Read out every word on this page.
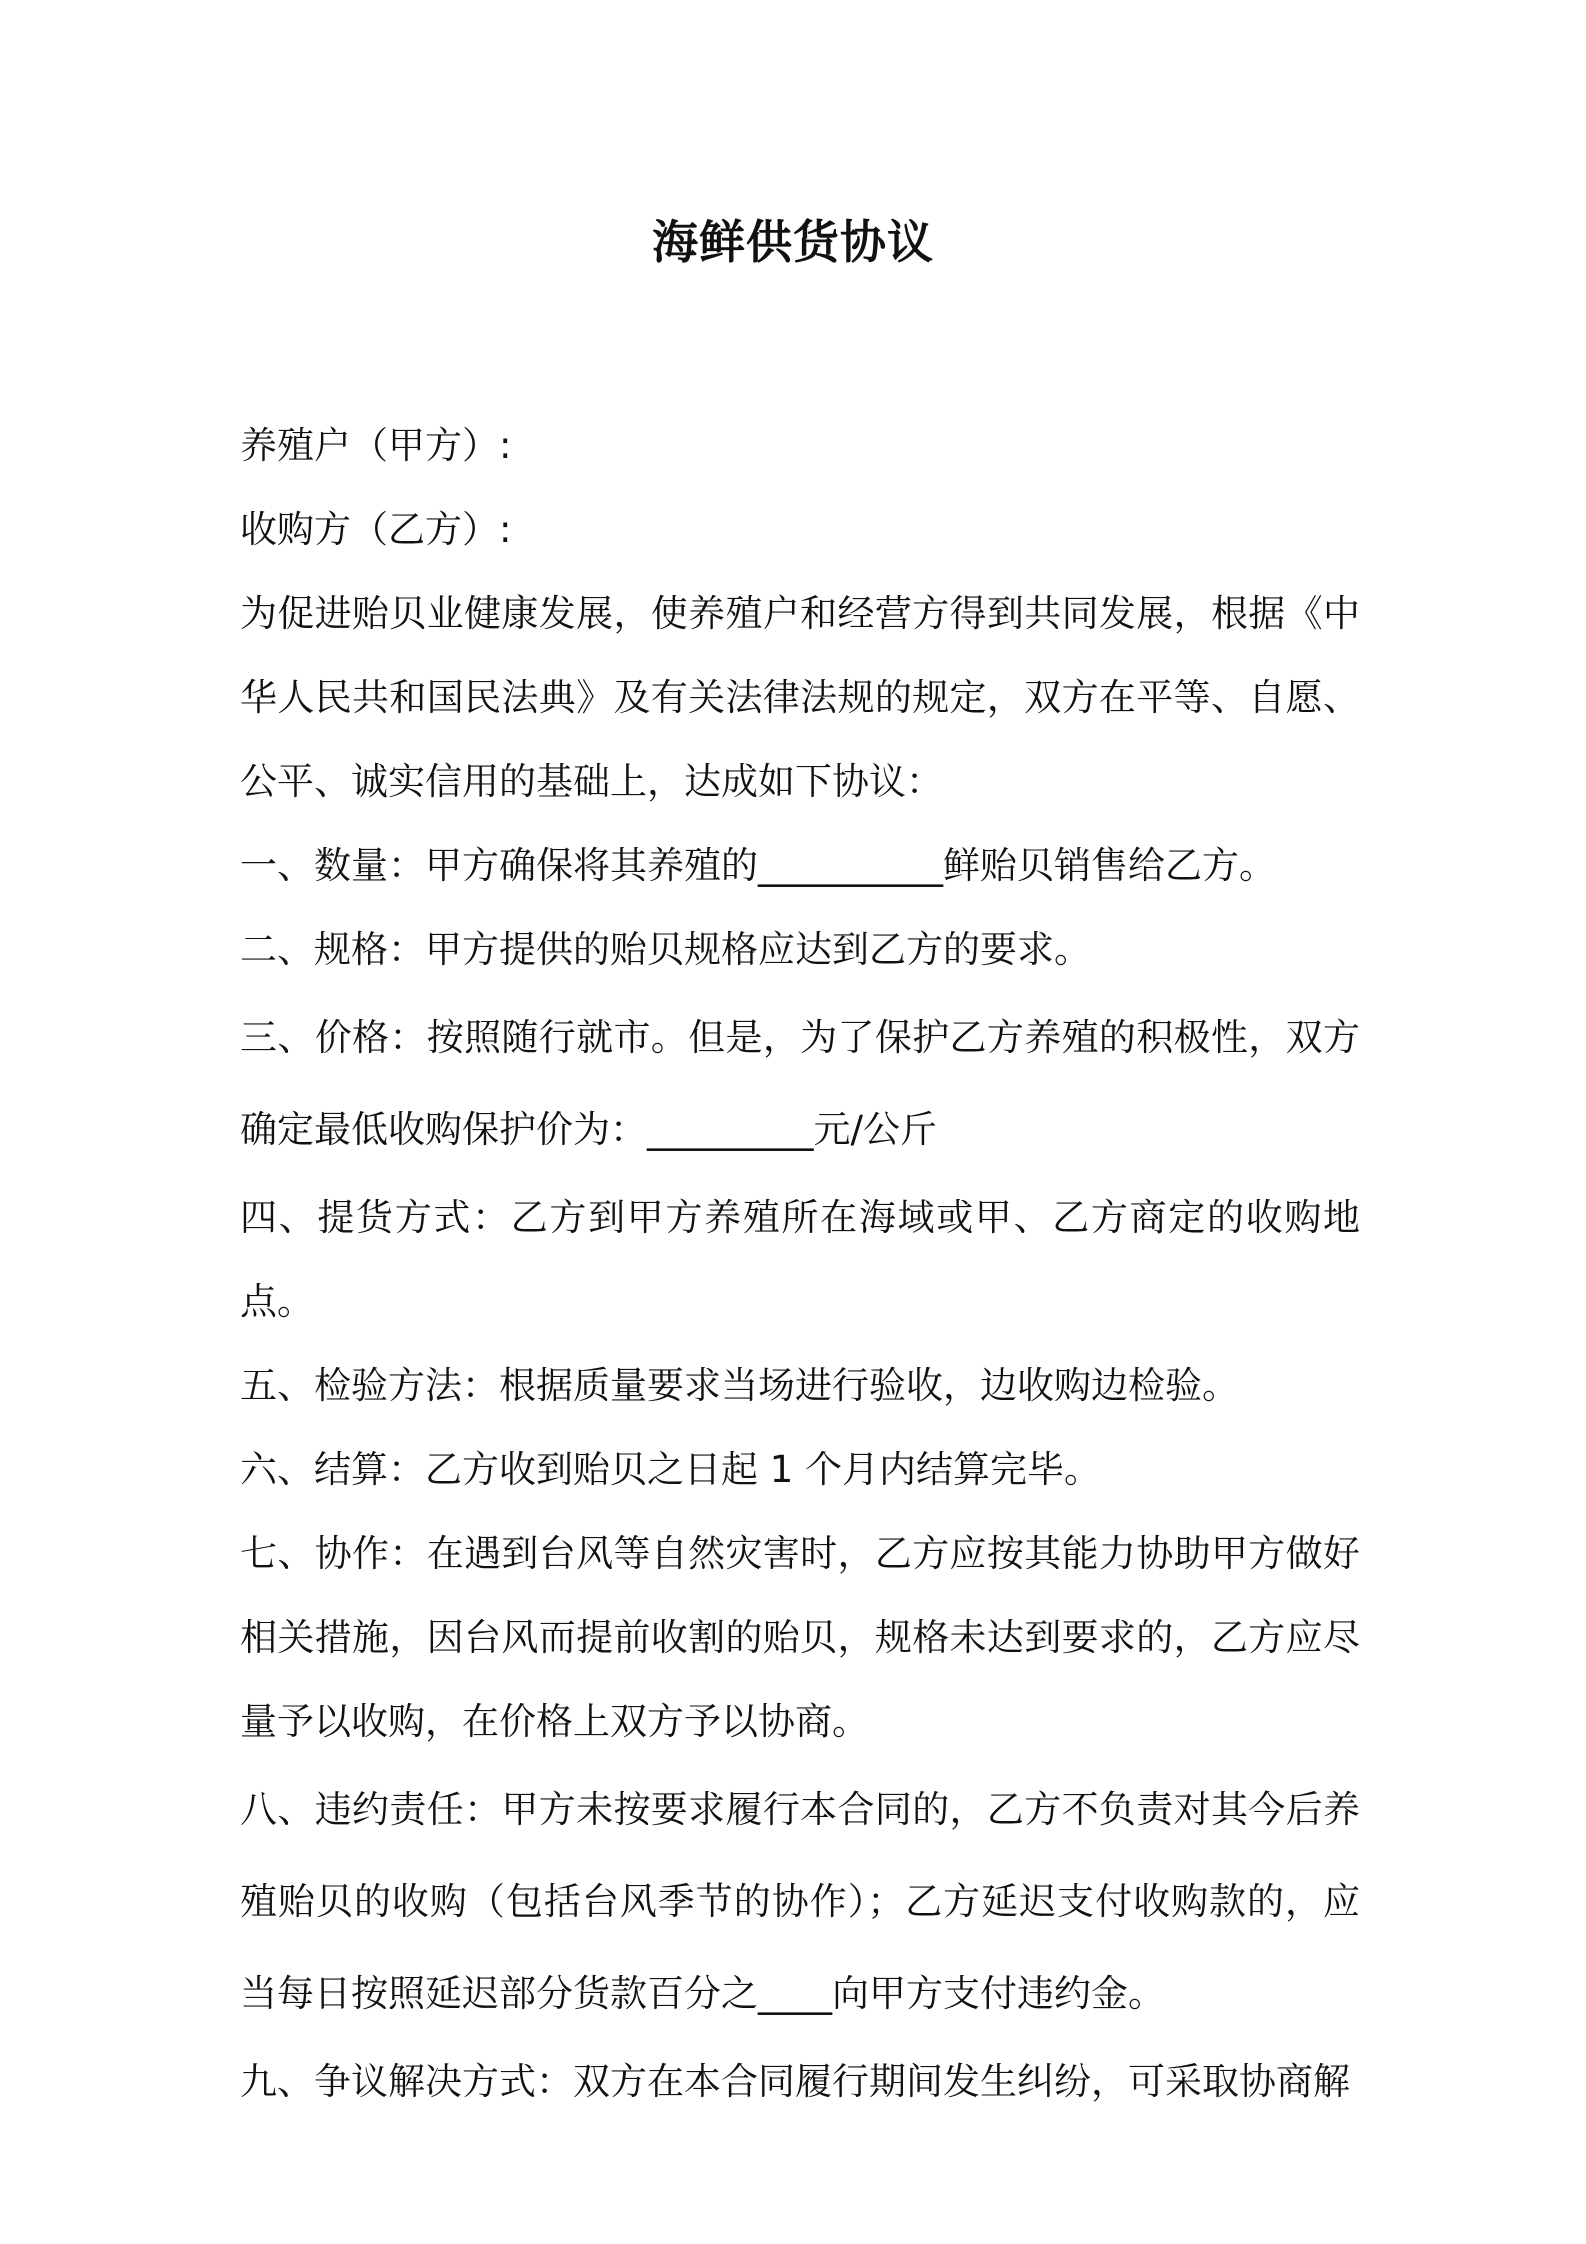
海鲜供货协议

养殖户（甲方）:

收购方（乙方）:

为促进贻贝业健康发展，使养殖户和经营方得到共同发展，根据《中华人民共和国民法典》及有关法律法规的规定，双方在平等、自愿、公平、诚实信用的基础上，达成如下协议：

一、数量：甲方确保将其养殖的__________鲜贻贝销售给乙方。

二、规格：甲方提供的贻贝规格应达到乙方的要求。

三、价格：按照随行就市。但是，为了保护乙方养殖的积极性，双方确定最低收购保护价为：_________元/公斤

四、提货方式：乙方到甲方养殖所在海域或甲、乙方商定的收购地点。

五、检验方法：根据质量要求当场进行验收，边收购边检验。

六、结算：乙方收到贻贝之日起 1 个月内结算完毕。

七、协作：在遇到台风等自然灾害时，乙方应按其能力协助甲方做好相关措施，因台风而提前收割的贻贝，规格未达到要求的，乙方应尽量予以收购，在价格上双方予以协商。

八、违约责任：甲方未按要求履行本合同的，乙方不负责对其今后养殖贻贝的收购（包括台风季节的协作）；乙方延迟支付收购款的，应当每日按照延迟部分货款百分之____向甲方支付违约金。

九、争议解决方式：双方在本合同履行期间发生纠纷，可采取协商解
